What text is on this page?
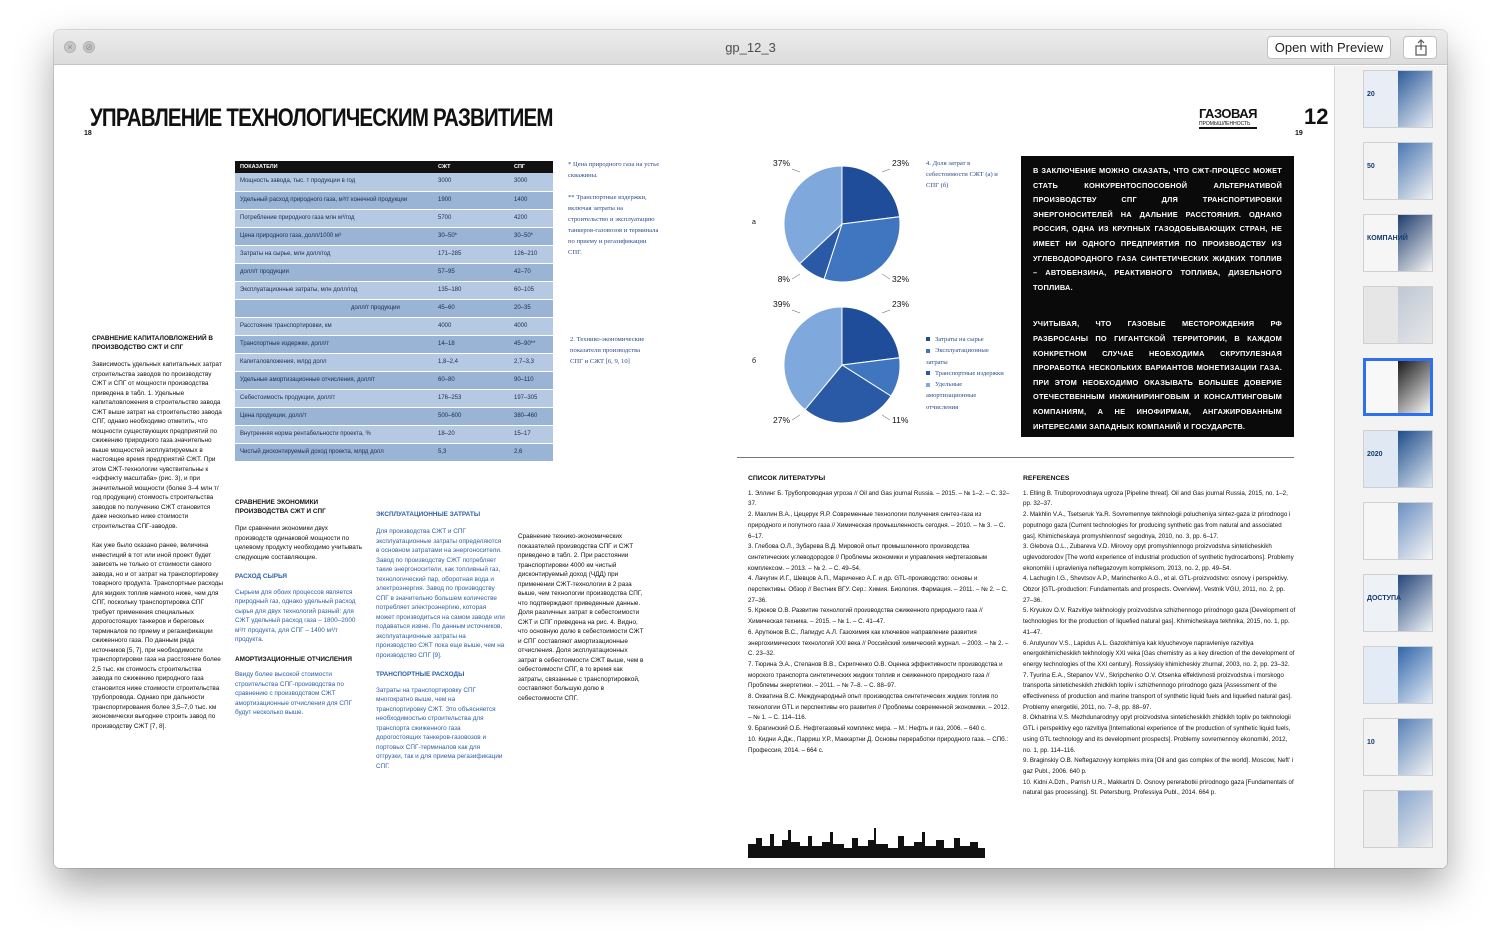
×	⊘	gp_12_3	Open with Preview
18	19
УПРАВЛЕНИЕ ТЕХНОЛОГИЧЕСКИМ РАЗВИТИЕМ	ГАЗОВАЯ
ПРОМЫШЛЕННОСТЬ	12
ПОКАЗАТЕЛИ	СЖТ	СПГ
Мощность завода, тыс. т продукции в год	3000	3000
Удельный расход природного газа, м³/т конечной продукции	1900	1400
Потребление природного газа млн м³/год	5700	4200
Цена природного газа, долл/1000 м³	30–50*	30–50*
Затраты на сырье, млн долл/год	171–285	126–210
долл/т продукции	57–95	42–70
Эксплуатационные затраты, млн долл/год	135–180	60–105
долл/т продукции	45–60	20–35
Расстояние транспортировки, км	4000	4000
Транспортные издержки, долл/т	14–18	45–90**
Капиталовложения, млрд долл	1,8–2,4	2,7–3,3
Удельные амортизационные отчисления, долл/т	60–80	90–110
Себестоимость продукции, долл/т	176–253	197–305
Цена продукции, долл/т	500–600	380–460
Внутренняя норма рентабельности проекта, %	18–20	15–17
Чистый дисконтируемый доход проекта, млрд долл	5,3	2,6
* Цена природного газа на устье скважины.
** Транспортные издержки, включая затраты на строительство и эксплуатацию танкеров-газовозов и терминала по приему и регазификации СПГ.
2. Технико-экономические показатели производства СПГ и СЖТ [6, 9, 10]
СРАВНЕНИЕ КАПИТАЛОВЛОЖЕНИЙ В ПРОИЗВОДСТВО СЖТ И СПГ
Зависимость удельных капитальных затрат строительства заводов по производству СЖТ и СПГ от мощности производства приведена в табл. 1. Удельные капиталовложения в строительство завода СЖТ выше затрат на строительство завода СПГ, однако необходимо отметить, что мощности существующих предприятий по сжижению природного газа значительно выше мощностей эксплуатируемых в настоящее время предприятий СЖТ. При этом СЖТ-технологии чувствительны к «эффекту масштаба» (рис. 3), и при значительной мощности (более 3–4 млн т/год продукции) стоимость строительства заводов по получению СЖТ становится даже несколько ниже стоимости строительства СПГ-заводов.
Как уже было сказано ранее, величина инвестиций в тот или иной проект будет зависеть не только от стоимости самого завода, но и от затрат на транспортировку товарного продукта. Транспортные расходы для жидких топлив намного ниже, чем для СПГ, поскольку транспортировка СПГ требует применения специальных дорогостоящих танкеров и береговых терминалов по приему и регазификации сжиженного газа. По данным ряда источников [5, 7], при необходимости транспортировки газа на расстояние более 2,5 тыс. км стоимость строительства завода по сжижению природного газа становится ниже стоимости строительства трубопровода. Однако при дальности транспортирования более 3,5–7,0 тыс. км экономически выгоднее строить завод по производству СЖТ [7, 8].
СРАВНЕНИЕ ЭКОНОМИКИ ПРОИЗВОДСТВА СЖТ И СПГ
При сравнении экономики двух производств одинаковой мощности по целевому продукту необходимо учитывать следующие составляющие.
РАСХОД СЫРЬЯ
Сырьем для обоих процессов является природный газ, однако удельный расход сырья для двух технологий разный: для СЖТ удельный расход газа – 1800–2000 м³/т продукта, для СПГ – 1400 м³/т продукта.
АМОРТИЗАЦИОННЫЕ ОТЧИСЛЕНИЯ
Ввиду более высокой стоимости строительства СПГ-производства по сравнению с производством СЖТ амортизационные отчисления для СПГ будут несколько выше.
ЭКСПЛУАТАЦИОННЫЕ ЗАТРАТЫ
Для производства СЖТ и СПГ эксплуатационные затраты определяются в основном затратами на энергоносители. Завод по производству СЖТ потребляет такие энергоносители, как топливный газ, технологический пар, оборотная вода и электроэнергия. Завод по производству СПГ в значительно большем количестве потребляет электроэнергию, которая может производиться на самом заводе или подаваться извне. По данным источников, эксплуатационные затраты на производство СЖТ пока еще выше, чем на производство СПГ [9].
ТРАНСПОРТНЫЕ РАСХОДЫ
Затраты на транспортировку СПГ многократно выше, чем на транспортировку СЖТ. Это объясняется необходимостью строительства для транспорта сжиженного газа дорогостоящих танкеров-газовозов и портовых СПГ-терминалов как для отгрузки, так и для приема регазификации СПГ.
Сравнение технико-экономических показателей производства СПГ и СЖТ приведено в табл. 2. При расстоянии транспортировки 4000 км чистый дисконтируемый доход (ЧДД) при применении СЖТ-технологии в 2 раза выше, чем технологии производства СПГ, что подтверждают приведенные данные. Доля различных затрат в себестоимости СЖТ и СПГ приведена на рис. 4. Видно, что основную долю в себестоимости СЖТ и СПГ составляют амортизационные отчисления. Доля эксплуатационных затрат в себестоимости СЖТ выше, чем в себестоимости СПГ, в то время как затраты, связанные с транспортировкой, составляют большую долю в себестоимости СПГ.
23%
32%
8%
37%
23%
11%
27%
39%
а
б
4. Доля затрат в себестоимости СЖТ (а) и СПГ (б)
Затраты на сырье
Эксплуатационные затраты
Транспортные издержки
Удельные амортизационные отчисления
В ЗАКЛЮЧЕНИЕ МОЖНО СКАЗАТЬ, ЧТО СЖТ-ПРОЦЕСС МОЖЕТ СТАТЬ КОНКУРЕНТОСПОСОБНОЙ АЛЬТЕРНАТИВОЙ ПРОИЗВОДСТВУ СПГ ДЛЯ ТРАНСПОРТИРОВКИ ЭНЕРГОНОСИТЕЛЕЙ НА ДАЛЬНИЕ РАССТОЯНИЯ. ОДНАКО РОССИЯ, ОДНА ИЗ КРУПНЫХ ГАЗОДОБЫВАЮЩИХ СТРАН, НЕ ИМЕЕТ НИ ОДНОГО ПРЕДПРИЯТИЯ ПО ПРОИЗВОДСТВУ ИЗ УГЛЕВОДОРОДНОГО ГАЗА СИНТЕТИЧЕСКИХ ЖИДКИХ ТОПЛИВ – АВТОБЕНЗИНА, РЕАКТИВНОГО ТОПЛИВА, ДИЗЕЛЬНОГО ТОПЛИВА.
УЧИТЫВАЯ, ЧТО ГАЗОВЫЕ МЕСТОРОЖДЕНИЯ РФ РАЗБРОСАНЫ ПО ГИГАНТСКОЙ ТЕРРИТОРИИ, В КАЖДОМ КОНКРЕТНОМ СЛУЧАЕ НЕОБХОДИМА СКРУПУЛЕЗНАЯ ПРОРАБОТКА НЕСКОЛЬКИХ ВАРИАНТОВ МОНЕТИЗАЦИИ ГАЗА. ПРИ ЭТОМ НЕОБХОДИМО ОКАЗЫВАТЬ БОЛЬШЕЕ ДОВЕРИЕ ОТЕЧЕСТВЕННЫМ ИНЖИНИРИНГОВЫМ И КОНСАЛТИНГОВЫМ КОМПАНИЯМ, А НЕ ИНОФИРМАМ, АНГАЖИРОВАННЫМ ИНТЕРЕСАМИ ЗАПАДНЫХ КОМПАНИЙ И ГОСУДАРСТВ.
СПИСОК ЛИТЕРАТУРЫ
1. Эллинг Б. Трубопроводная угроза // Oil and Gas journal Russia. – 2015. – № 1–2. – С. 32–37.
2. Махлин В.А., Цецерук Я.Р. Современные технологии получения синтез-газа из природного и попутного газа // Химическая промышленность сегодня. – 2010. – № 3. – С. 6–17.
3. Глебова О.Л., Зубарева В.Д. Мировой опыт промышленного производства синтетических углеводородов // Проблемы экономики и управления нефтегазовым комплексом. – 2013. – № 2. – С. 49–54.
4. Лачугин И.Г., Шевцов А.П., Мариченко А.Г. и др. GTL-производство: основы и перспективы. Обзор // Вестник ВГУ. Сер.: Химия. Биология. Фармация. – 2011. – № 2. – С. 27–36.
5. Крюков О.В. Развитие технологий производства сжиженного природного газа // Химическая техника. – 2015. – № 1. – С. 41–47.
6. Арутюнов В.С., Лапидус А.Л. Газохимия как ключевое направление развития энергохимических технологий XXI века // Российский химический журнал. – 2003. – № 2. – С. 23–32.
7. Тюрина Э.А., Степанов В.В., Скрипченко О.В. Оценка эффективности производства и морского транспорта синтетических жидких топлив и сжиженного природного газа // Проблемы энергетики. – 2011. – № 7–8. – С. 88–97.
8. Охватина В.С. Международный опыт производства синтетических жидких топлив по технологии GTL и перспективы его развития // Проблемы современной экономики. – 2012. – № 1. – С. 114–116.
9. Брагинский О.Б. Нефтегазовый комплекс мира. – М.: Нефть и газ, 2006. – 640 с.
10. Кидни А.Дж., Парриш У.Р., Маккартни Д. Основы переработки природного газа. – СПб.: Профессия, 2014. – 664 с.
REFERENCES
1. Elling B. Truboprovodnaya ugroza [Pipeline threat]. Oil and Gas journal Russia, 2015, no. 1–2, pp. 32–37.
2. Makhlin V.A., Tsetseruk Ya.R. Sovremennye tekhnologii polucheniya sintez-gaza iz prirodnogo i poputnogo gaza [Current technologies for producing synthetic gas from natural and associated gas]. Khimicheskaya promyshlennost' segodnya, 2010, no. 3, pp. 6–17.
3. Glebova O.L., Zubareva V.D. Mirovoy opyt promyshlennogo proizvodstva sinteticheskikh uglevodorodov [The world experience of industrial production of synthetic hydrocarbons]. Problemy ekonomiki i upravleniya neftegazovym kompleksom, 2013, no. 2, pp. 49–54.
4. Lachugin I.G., Shevtsov A.P., Marinchenko A.G., et al. GTL-proizvodstvo: osnovy i perspektivy. Obzor [GTL-production: Fundamentals and prospects. Overview]. Vestnik VGU, 2011, no. 2, pp. 27–36.
5. Kryukov O.V. Razvitiye tekhnologiy proizvodstva szhizhennogo prirodnogo gaza [Development of technologies for the production of liquefied natural gas]. Khimicheskaya tekhnika, 2015, no. 1, pp. 41–47.
6. Arutyunov V.S., Lapidus A.L. Gazokhimiya kak klyuchevoye napravleniye razvitiya energokhimicheskikh tekhnologiy XXI veka [Gas chemistry as a key direction of the development of energy technologies of the XXI century]. Rossiyskiy khimicheskiy zhurnal, 2003, no. 2, pp. 23–32.
7. Tyurina E.A., Stepanov V.V., Skripchenko O.V. Otsenka effektivnosti proizvodstva i morskogo transporta sinteticheskikh zhidkikh topliv i szhizhennogo prirodnogo gaza [Assessment of the effectiveness of production and marine transport of synthetic liquid fuels and liquefied natural gas]. Problemy energetiki, 2011, no. 7–8, pp. 88–97.
8. Okhatrina V.S. Mezhdunarodnyy opyt proizvodstva sinteticheskikh zhidkikh topliv po tekhnologii GTL i perspektivy ego razvitiya [International experience of the production of synthetic liquid fuels, using GTL technology and its development prospects]. Problemy sovremennoy ekonomiki, 2012, no. 1, pp. 114–116.
9. Braginskiy O.B. Neftegazovyy kompleks mira [Oil and gas complex of the world]. Moscow, Neft' i gaz Publ., 2006. 640 p.
10. Kidni A.Dzh., Parrish U.R., Makkartni D. Osnovy pererabotki prirodnogo gaza [Fundamentals of natural gas processing]. St. Petersburg, Professiya Publ., 2014. 664 p.
20
50
КОМПАНИЙ
2020
ДОСТУПА
10
